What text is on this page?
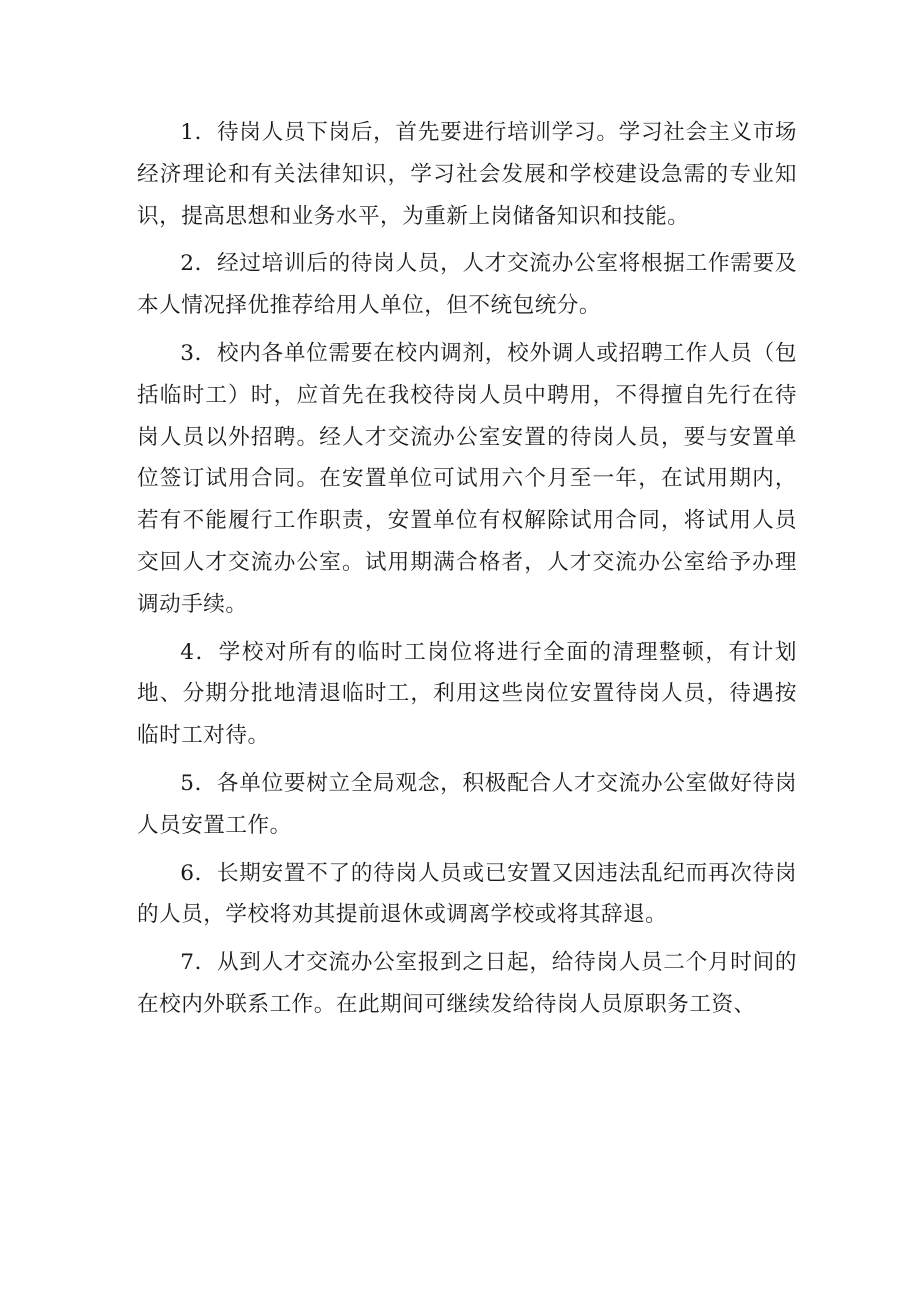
1．待岗人员下岗后，首先要进行培训学习。学习社会主义市场经济理论和有关法律知识，学习社会发展和学校建设急需的专业知识，提高思想和业务水平，为重新上岗储备知识和技能。

2．经过培训后的待岗人员，人才交流办公室将根据工作需要及本人情况择优推荐给用人单位，但不统包统分。

3．校内各单位需要在校内调剂，校外调人或招聘工作人员（包括临时工）时，应首先在我校待岗人员中聘用，不得擅自先行在待岗人员以外招聘。经人才交流办公室安置的待岗人员，要与安置单位签订试用合同。在安置单位可试用六个月至一年，在试用期内，若有不能履行工作职责，安置单位有权解除试用合同，将试用人员交回人才交流办公室。试用期满合格者，人才交流办公室给予办理调动手续。

4．学校对所有的临时工岗位将进行全面的清理整顿，有计划地、分期分批地清退临时工，利用这些岗位安置待岗人员，待遇按临时工对待。

5．各单位要树立全局观念，积极配合人才交流办公室做好待岗人员安置工作。

6．长期安置不了的待岗人员或已安置又因违法乱纪而再次待岗的人员，学校将劝其提前退休或调离学校或将其辞退。

7．从到人才交流办公室报到之日起，给待岗人员二个月时间的在校内外联系工作。在此期间可继续发给待岗人员原职务工资、
